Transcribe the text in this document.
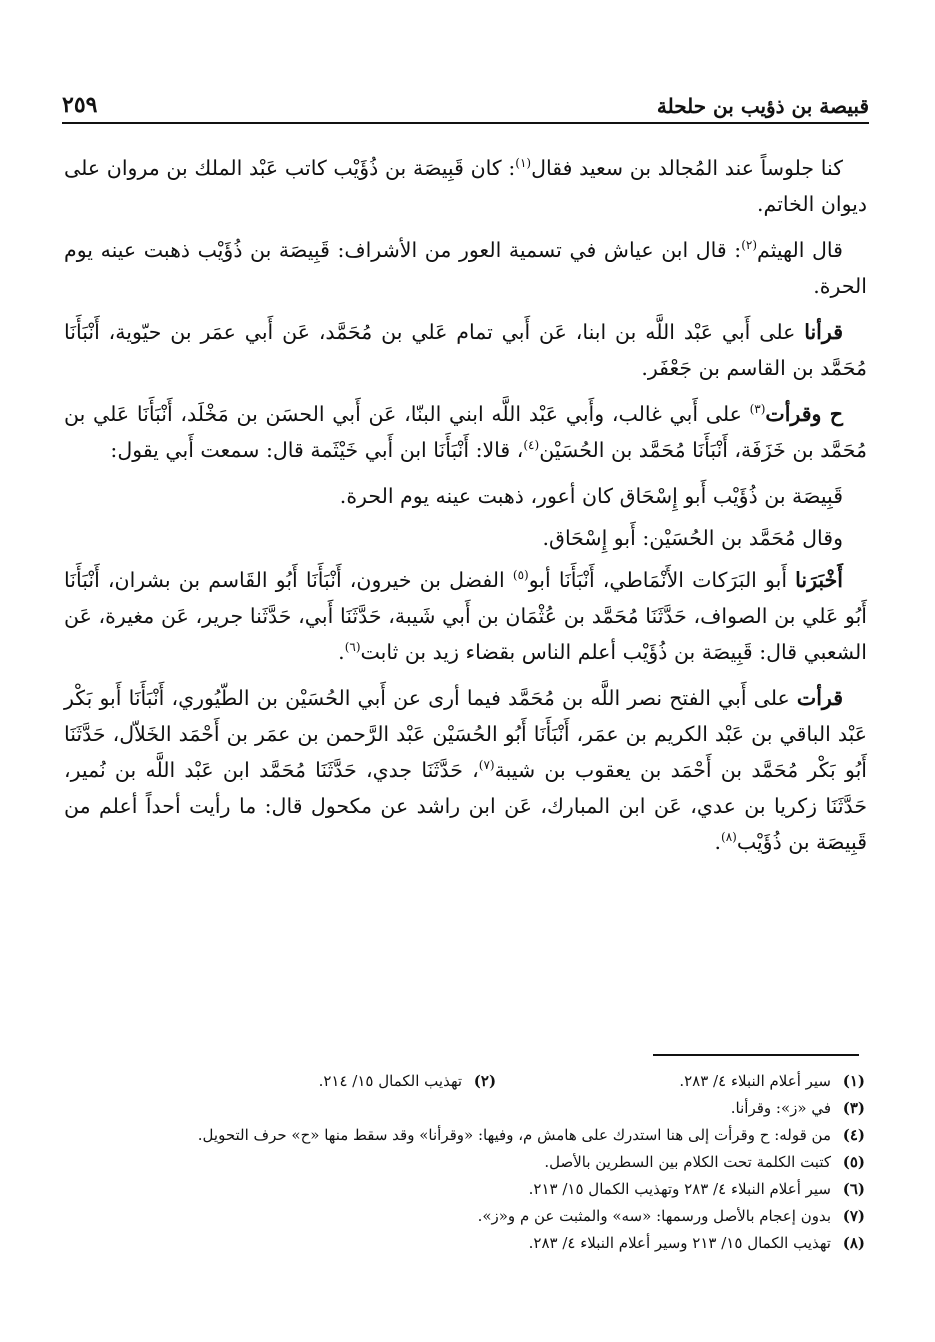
قبيصة بن ذؤيب بن حلحلة
٢٥٩

كنا جلوساً عند المُجالد بن سعيد فقال$^{(١)}$: كان قَبِيصَة بن ذُؤَيْب كاتب عَبْد الملك بن مروان على ديوان الخاتم.

قال الهيثم$^{(٢)}$: قال ابن عياش في تسمية العور من الأشراف: قَبِيصَة بن ذُؤَيْب ذهبت عينه يوم الحرة.

قرأنا على أَبي عَبْد اللَّه بن ابنا، عَن أَبي تمام عَلي بن مُحَمَّد، عَن أَبي عمَر بن حيّوية، أَنْبَأَنَا مُحَمَّد بن القاسم بن جَعْفَر.

ح وقرأت$^{(٣)}$ على أَبي غالب، وأَبي عَبْد اللَّه ابني البنّا، عَن أَبي الحسَن بن مَخْلَد، أَنْبَأَنَا عَلي بن مُحَمَّد بن خَزَفَة، أَنْبَأَنَا مُحَمَّد بن الحُسَيْن$^{(٤)}$، قالا: أَنْبَأَنَا ابن أَبي خَيْثَمة قال: سمعت أَبي يقول:

قَبِيصَة بن ذُؤَيْب أَبو إِسْحَاق كان أعور، ذهبت عينه يوم الحرة.

وقال مُحَمَّد بن الحُسَيْن: أَبو إِسْحَاق.

أَخْبَرَنا أَبو البَرَكات الأَنْمَاطي، أَنْبَأَنَا أبو$^{(٥)}$ الفضل بن خيرون، أَنْبَأَنَا أَبُو القَاسم بن بشران، أَنْبَأَنَا أَبُو عَلي بن الصواف، حَدَّثَنَا مُحَمَّد بن عُثْمَان بن أَبي شَيبة، حَدَّثَنَا أَبي، حَدَّثَنا جرير، عَن مغيرة، عَن الشعبي قال: قَبِيصَة بن ذُؤَيْب أعلم الناس بقضاء زيد بن ثابت$^{(٦)}$.

قرأت على أَبي الفتح نصر اللَّه بن مُحَمَّد فيما أرى عن أَبي الحُسَيْن بن الطّيُوري، أَنْبَأَنَا أَبو بَكْر عَبْد الباقي بن عَبْد الكريم بن عمَر، أَنْبَأَنَا أَبُو الحُسَيْن عَبْد الرَّحمن بن عمَر بن أَحْمَد الخَلاّل، حَدَّثَنَا أَبُو بَكْر مُحَمَّد بن أَحْمَد بن يعقوب بن شيبة$^{(٧)}$، حَدَّثَنَا جدي، حَدَّثَنَا مُحَمَّد ابن عَبْد اللَّه بن نُمير، حَدَّثَنَا زكريا بن عدي، عَن ابن المبارك، عَن ابن راشد عن مكحول قال: ما رأيت أحداً أعلم من قَبِيصَة بن ذُؤَيْب$^{(٨)}$.

(١)
سير أعلام النبلاء ٤/ ٢٨٣.
(٢)
تهذيب الكمال ١٥/ ٢١٤.
(٣)
في «ز»: وقرأنا.
(٤)
من قوله: ح وقرأت إلى هنا استدرك على هامش م، وفيها: «وقرأنا» وقد سقط منها «ح» حرف التحويل.
(٥)
كتبت الكلمة تحت الكلام بين السطرين بالأصل.
(٦)
سير أعلام النبلاء ٤/ ٢٨٣ وتهذيب الكمال ١٥/ ٢١٣.
(٧)
بدون إعجام بالأصل ورسمها: «سه» والمثبت عن م و«ز».
(٨)
تهذيب الكمال ١٥/ ٢١٣ وسير أعلام النبلاء ٤/ ٢٨٣.
